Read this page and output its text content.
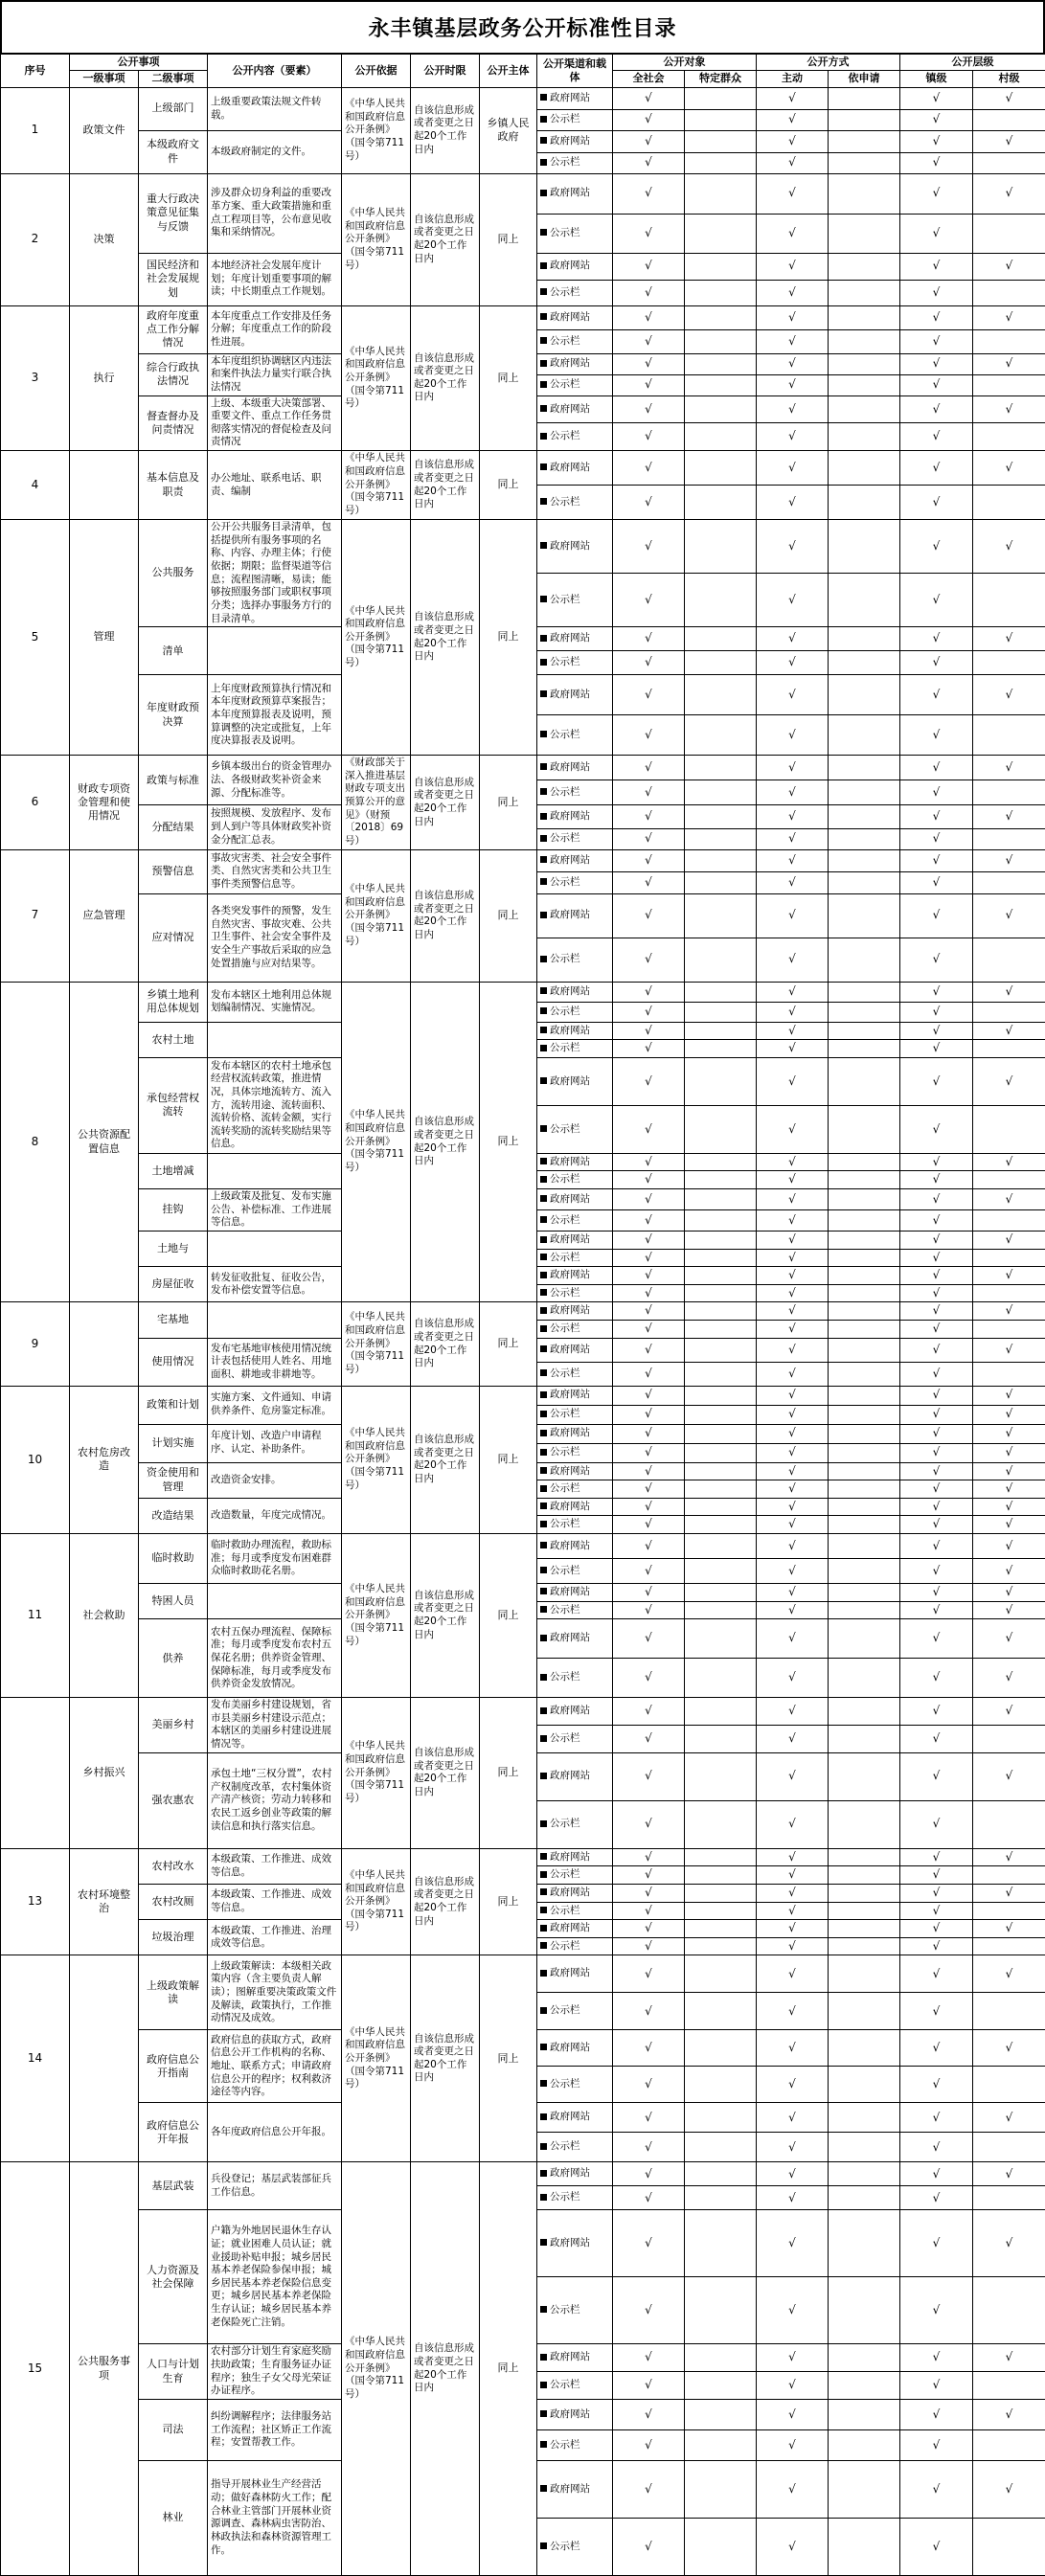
永丰镇基层政务公开标准性目录
序号	公开事项		公开内容（要素）	公开依据	公开时限	公开主体	公开渠道和载体	公开对象		公开方式		公开层级	
	一级事项	二级事项						全社会	特定群众	主动	依申请	镇级	村级
1	政策文件	上级部门	上级重要政策法规文件转载。	《中华人民共和国政府信息公开条例》（国令第711号）	自该信息形成或者变更之日起20个工作日内	乡镇人民政府	政府网站	√		√		√	√
							公示栏	√		√		√	
		本级政府文件	本级政府制定的文件。				政府网站	√		√		√	√
							公示栏	√		√		√	
2	决策	重大行政决策意见征集与反馈	涉及群众切身利益的重要改革方案、重大政策措施和重点工程项目等，公布意见收集和采纳情况。	《中华人民共和国政府信息公开条例》（国令第711号）	自该信息形成或者变更之日起20个工作日内	同上	政府网站	√		√		√	√
							公示栏	√		√		√	
		国民经济和社会发展规划	本地经济社会发展年度计划；年度计划重要事项的解读；中长期重点工作规划。				政府网站	√		√		√	√
							公示栏	√		√		√	
3	执行	政府年度重点工作分解情况	本年度重点工作安排及任务分解；年度重点工作的阶段性进展。	《中华人民共和国政府信息公开条例》（国令第711号）	自该信息形成或者变更之日起20个工作日内	同上	政府网站	√		√		√	√
							公示栏	√		√		√	
		综合行政执法情况	本年度组织协调辖区内违法和案件执法力量实行联合执法情况				政府网站	√		√		√	√
							公示栏	√		√		√	
		督查督办及问责情况	上级、本级重大决策部署、重要文件、重点工作任务贯彻落实情况的督促检查及问责情况				政府网站	√		√		√	√
							公示栏	√		√		√	
4		基本信息及职责	办公地址、联系电话、职责、编制	《中华人民共和国政府信息公开条例》（国令第711号）	自该信息形成或者变更之日起20个工作日内	同上	政府网站	√		√		√	√
							公示栏	√		√		√	
5	管理	公共服务	公开公共服务目录清单，包括提供所有服务事项的名称、内容、办理主体；行使依据；期限；监督渠道等信息；流程图清晰，易读；能够按照服务部门或职权事项分类；选择办事服务方行的目录清单。	《中华人民共和国政府信息公开条例》（国令第711号）	自该信息形成或者变更之日起20个工作日内	同上	政府网站	√		√		√	√
							公示栏	√		√		√	
		清单					政府网站	√		√		√	√
							公示栏	√		√		√	
		年度财政预决算	上年度财政预算执行情况和本年度财政预算草案报告；本年度预算报表及说明，预算调整的决定或批复，上年度决算报表及说明。				政府网站	√		√		√	√
							公示栏	√		√		√	
6	财政专项资金管理和使用情况	政策与标准	乡镇本级出台的资金管理办法、各级财政奖补资金来源、分配标准等。	《财政部关于深入推进基层财政专项支出预算公开的意见》（财预〔2018〕69号）	自该信息形成或者变更之日起20个工作日内	同上	政府网站	√		√		√	√
							公示栏	√		√		√	
		分配结果	按照规模、发放程序、发布到人到户等具体财政奖补资金分配汇总表。				政府网站	√		√		√	√
							公示栏	√		√		√	
7	应急管理	预警信息	事故灾害类、社会安全事件类、自然灾害类和公共卫生事件类预警信息等。	《中华人民共和国政府信息公开条例》（国令第711号）	自该信息形成或者变更之日起20个工作日内	同上	政府网站	√		√		√	√
							公示栏	√		√		√	
		应对情况	各类突发事件的预警，发生自然灾害、事故灾难、公共卫生事件、社会安全事件及安全生产事故后采取的应急处置措施与应对结果等。				政府网站	√		√		√	√
							公示栏	√		√		√	
8	公共资源配置信息	乡镇土地利用总体规划	发布本辖区土地利用总体规划编制情况、实施情况。	《中华人民共和国政府信息公开条例》（国令第711号）	自该信息形成或者变更之日起20个工作日内	同上	政府网站	√		√		√	√
							公示栏	√		√		√	
		农村土地					政府网站	√		√		√	√
							公示栏	√		√		√	
		承包经营权流转	发布本辖区的农村土地承包经营权流转政策，推进情况，具体宗地流转方、流入方，流转用途、流转面积、流转价格、流转金额，实行流转奖励的流转奖励结果等信息。				政府网站	√		√		√	√
							公示栏	√		√		√	
		土地增减					政府网站	√		√		√	√
							公示栏	√		√		√	
		挂钩	上级政策及批复、发布实施公告、补偿标准、工作进展等信息。				政府网站	√		√		√	√
							公示栏	√		√		√	
		土地与					政府网站	√		√		√	√
							公示栏	√		√		√	
		房屋征收	转发征收批复、征收公告，发布补偿安置等信息。				政府网站	√		√		√	√
							公示栏	√		√		√	
9		宅基地		《中华人民共和国政府信息公开条例》（国令第711号）	自该信息形成或者变更之日起20个工作日内	同上	政府网站	√		√		√	√
							公示栏	√		√		√	
		使用情况	发布宅基地审核使用情况统计表包括使用人姓名、用地面积、耕地或非耕地等。				政府网站	√		√		√	√
							公示栏	√		√		√	
10	农村危房改造	政策和计划	实施方案、文件通知、申请供养条件、危房鉴定标准。	《中华人民共和国政府信息公开条例》（国令第711号）	自该信息形成或者变更之日起20个工作日内	同上	政府网站	√		√		√	√
							公示栏	√		√		√	√
		计划实施	年度计划、改造户申请程序、认定、补助条件。				政府网站	√		√		√	√
							公示栏	√		√		√	√
		资金使用和管理	改造资金安排。				政府网站	√		√		√	√
							公示栏	√		√		√	√
		改造结果	改造数量，年度完成情况。				政府网站	√		√		√	√
							公示栏	√		√		√	√
11	社会救助	临时救助	临时救助办理流程，救助标准；每月或季度发布困难群众临时救助花名册。	《中华人民共和国政府信息公开条例》（国令第711号）	自该信息形成或者变更之日起20个工作日内	同上	政府网站	√		√		√	√
							公示栏	√		√		√	√
		特困人员					政府网站	√		√		√	√
							公示栏	√		√		√	√
		供养	农村五保办理流程、保障标准；每月或季度发布农村五保花名册；供养资金管理、保障标准，每月或季度发布供养资金发放情况。				政府网站	√		√		√	√
							公示栏	√		√		√	√
	乡村振兴	美丽乡村	发布美丽乡村建设规划，省市县美丽乡村建设示范点；本辖区的美丽乡村建设进展情况等。	《中华人民共和国政府信息公开条例》（国令第711号）	自该信息形成或者变更之日起20个工作日内	同上	政府网站	√		√		√	√
							公示栏	√		√		√	
		强农惠农	承包土地“三权分置”，农村产权制度改革，农村集体资产清产核资；劳动力转移和农民工返乡创业等政策的解读信息和执行落实信息。				政府网站	√		√		√	√
							公示栏	√		√		√	
13	农村环境整治	农村改水	本级政策、工作推进、成效等信息。	《中华人民共和国政府信息公开条例》（国令第711号）	自该信息形成或者变更之日起20个工作日内	同上	政府网站	√		√		√	√
							公示栏	√		√		√	
		农村改厕	本级政策、工作推进、成效等信息。				政府网站	√		√		√	√
							公示栏	√		√		√	
		垃圾治理	本级政策、工作推进、治理成效等信息。				政府网站	√		√		√	√
							公示栏	√		√		√	
14		上级政策解读	上级政策解读：本级相关政策内容（含主要负责人解读）；图解重要决策政策文件及解读，政策执行，工作推动情况及成效。	《中华人民共和国政府信息公开条例》（国令第711号）	自该信息形成或者变更之日起20个工作日内	同上	政府网站	√		√		√	√
							公示栏	√		√		√	
		政府信息公开指南	政府信息的获取方式，政府信息公开工作机构的名称、地址、联系方式；申请政府信息公开的程序；权利救济途径等内容。				政府网站	√		√		√	√
							公示栏	√		√		√	
		政府信息公开年报	各年度政府信息公开年报。				政府网站	√		√		√	√
							公示栏	√		√		√	
15	公共服务事项	基层武装	兵役登记；基层武装部征兵工作信息。	《中华人民共和国政府信息公开条例》（国令第711号）	自该信息形成或者变更之日起20个工作日内	同上	政府网站	√		√		√	√
							公示栏	√		√		√	
		人力资源及社会保障	户籍为外地居民退休生存认证；就业困难人员认证；就业援助补贴申报；城乡居民基本养老保险参保申报；城乡居民基本养老保险信息变更；城乡居民基本养老保险生存认证；城乡居民基本养老保险死亡注销。				政府网站	√		√		√	√
							公示栏	√		√		√	
		人口与计划生育	农村部分计划生育家庭奖励扶助政策；生育服务证办证程序；独生子女父母光荣证办证程序。				政府网站	√		√		√	√
							公示栏	√		√		√	
		司法	纠纷调解程序；法律服务站工作流程；社区矫正工作流程；安置帮教工作。				政府网站	√		√		√	√
							公示栏	√		√		√	
		林业	指导开展林业生产经营活动；做好森林防火工作；配合林业主管部门开展林业资源调查、森林病虫害防治、林政执法和森林资源管理工作。				政府网站	√		√		√	√
							公示栏	√		√		√	
